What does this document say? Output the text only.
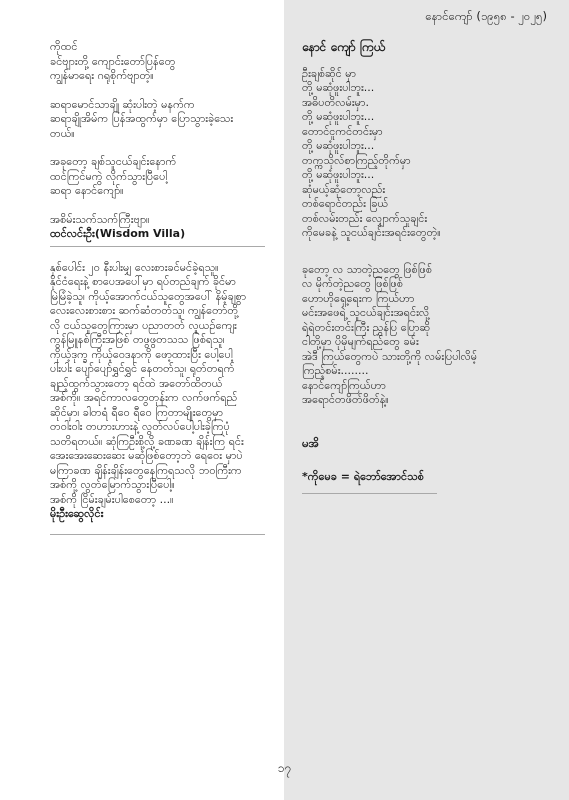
နောင်ကျော် (၁၉၅၈ - ၂၀၂၅)
ကိုထင်
ခင်ဗျားတို့ ကျောင်းတော်ပြန်တွေ
ကျွန်မာရေး ဂရုစိုက်ဗျာတဲ့။
ဆရာမောင်သာချို ဆုံးပါးတဲ့ မနက်က
ဆရာချိုအိမ်က ပြန်အထွက်မှာ ပြောသွားခဲ့သေး
တယ်။
အခုတော့ ချစ်သူငယ်ချင်းနောက်
ထင်ကြင်မကွဲ လိုက်သွားပြီပေါ့
ဆရာ နောင်ကျော်။
အစိမ်းသက်သက်ကြီးဗျာ။
ထင်လင်းဦး(Wisdom Villa)
နှစ်ပေါင်း ၂၀ နီးပါးမျှ လေးစားခင်မင်ခဲ့ရသူ။
နိုင်ငံရေးနဲ့ စာပေအပေါ်မှာ ရပ်တည်ချက် ခိုင်မာ
မြဲမြံခဲ့သူ၊ ကိုယ့်အောက်ငယ်သူတွေအပေါ် နိမ့်ချစွာ
လေးလေးစားစား ဆက်ဆံတတ်သူ၊ ကျွန်တော်တို့
လို ငယ်သူတွေကြားမှာ ပညာတတ် လူယဉ်ကျေး
ကွန်မြူနစ်ကြီးအဖြစ် တဖွဖွတသသ ဖြစ်ရသူ၊
ကိုယ့်ဒုက္ခ ကိုယ့်ဝေဒနာကို ဖော့ထားပြီး ပေါ့ပေါ့
ပါးပါး ပျော်ပျော်ရွှင်ရွှင် နေတတ်သူ၊ ရုတ်တရက်
ချည့်ထွက်သွားတော့ ရင်ထဲ အတော်ထိတယ်
အစ်ကို။ အရင်ကာလတွေတုန်းက လက်ဖက်ရည်
ဆိုင်မှာ၊ ခါတရံ ရီဝေ ရီဝေ ကြတာမျိုးတွေမှာ
တဝါးဝါး တဟားဟားနဲ့ လွတ်လပ်ပေါ့ပါးခဲ့ကြပုံ
သတိရတယ်။ ဆုံကြဦးစို့လို့ ခဏခဏ ချိန်းကြ ရင်း
အေးအေးဆေးဆေး မဆုံဖြစ်တော့ဘဲ ရေဝေး မှာပဲ
မကြာခဏ ချိန်းချိန်းတွေနေကြရသလို ဘဝကြီးက
အစ်ကို့ လွတ်မြောက်သွားပြီပေါ့။
အစ်ကို ငြိမ်းချမ်းပါစေတော့ ...။
မိုးဦးဆွေလိုင်း
နောင် ကျော် ကြယ်
ဦးချစ်ဆိုင် မှာ
တို့ မဆုံဖူးပါဘူး...
အဓိပတိလမ်းမှာ.
တို့ မဆုံဖူးပါဘူး...
တောင်ငူကင်တင်းမှာ
တို့ မဆုံဖူးပါဘူး...
တက္ကသိုလ်စာကြည့်တိုက်မှာ
တို့ မဆုံဖူးပါဘူး...
ဆုံမယ့်ဆုံတော့လည်း
တစ်ရောင်တည်း ခြယ်
တစ်လမ်းတည်း လျှောက်သူချင်း
ကိုမေခနဲ့ သူငယ်ချင်းအရင်းတွေတဲ့။
ခုတော့ လ သာတဲ့ညတွေ ဖြစ်ဖြစ်
လ မိုက်တဲ့ညတွေ ဖြစ်ဖြစ်
ဟောဟိုရှေ့ရေးက ကြယ်ဟာ
မင်းအဖေရဲ့ သူငယ်ချင်းအရင်းလို့
ရဲရဲတင်းတင်းကြီး ညွှန်ပြ ပြောဆို
ငါတို့မှာ ပိုမိုမျက်ရည်တွေ ခမ်း
အဲဒီ ကြယ်တွေကပဲ သားတို့ကို လမ်းပြပါလိမ့်
ကြည့်စမ်း........
နောင်ကျော်ကြယ်ဟာ
အရောင်တဖိတ်ဖိတ်နဲ့။
မအိ
*ကိုမေခ = ရဲဘော်အောင်သစ်
၁၇
